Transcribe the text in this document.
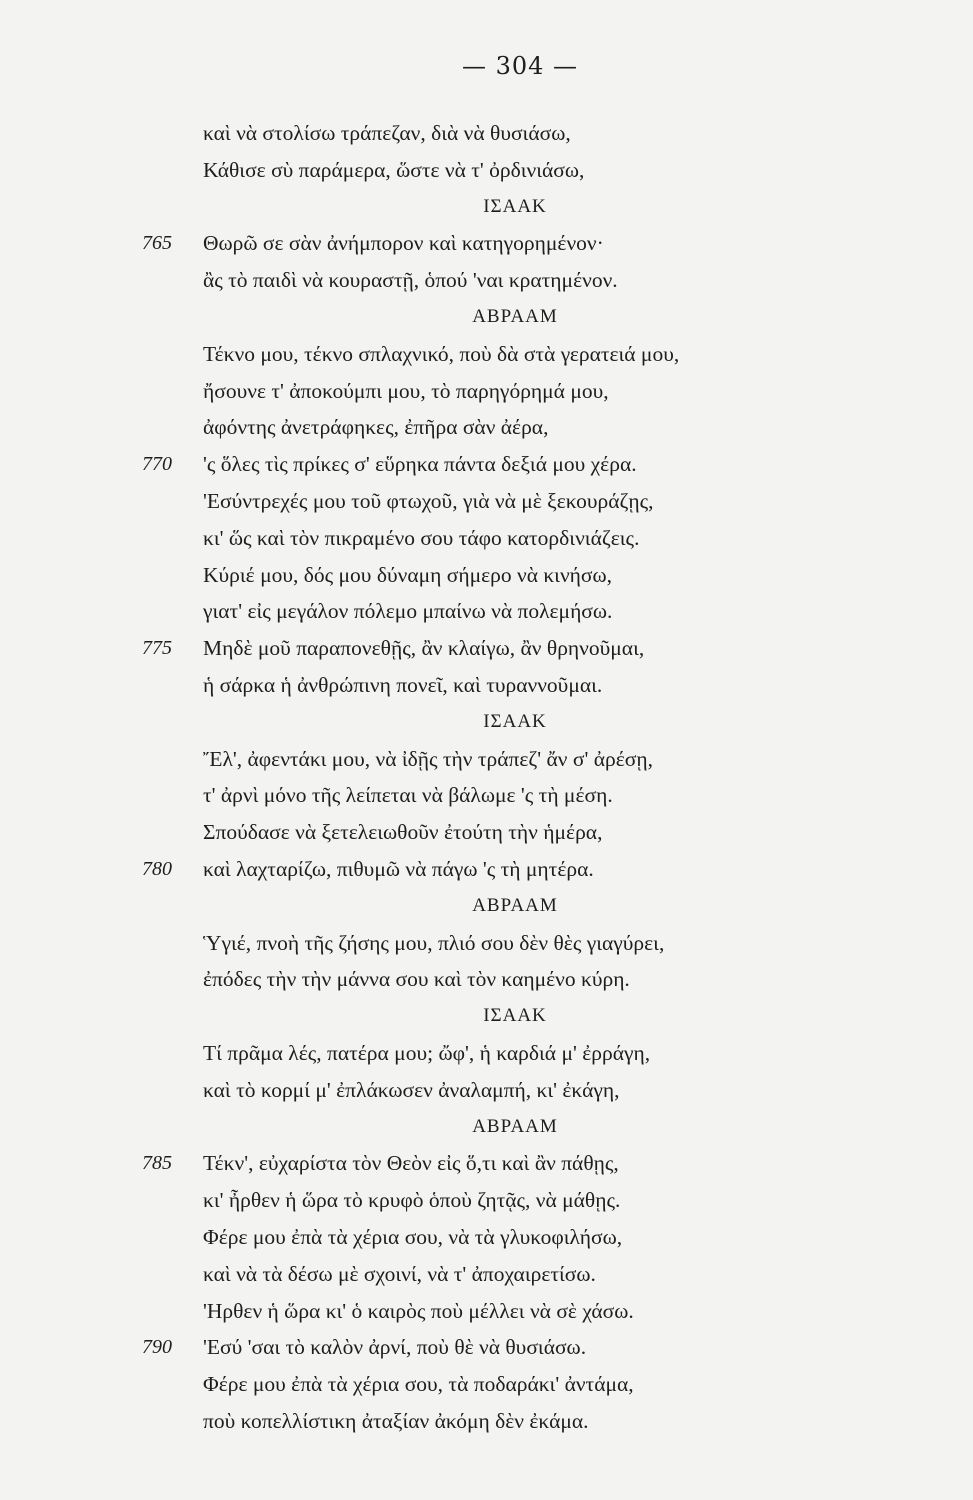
— 304 —
καὶ νὰ στολίσω τράπεζαν, διὰ νὰ θυσιάσω,
Κάθισε σὺ παράμερα, ὥστε νὰ τ' ὀρδινιάσω,
ΙΣΑΑΚ
765	Θωρῶ σε σὰν ἀνήμπορον καὶ κατηγορημένον·
ἂς τὸ παιδὶ νὰ κουραστῇ, ὁπού 'ναι κρατημένον.
ΑΒΡΑΑΜ
Τέκνο μου, τέκνο σπλαχνικό, ποὺ δὰ στὰ γερατειά μου,
ἤσουνε τ' ἀποκούμπι μου, τὸ παρηγόρημά μου,
ἀφόντης ἀνετράφηκες, ἐπῆρα σὰν ἀέρα,
770	'ς ὅλες τὶς πρίκες σ' εὕρηκα πάντα δεξιά μου χέρα.
'Εσύντρεχές μου τοῦ φτωχοῦ, γιὰ νὰ μὲ ξεκουράζῃς,
κι' ὥς καὶ τὸν πικραμένο σου τάφο κατορδινιάζεις.
Κύριέ μου, δός μου δύναμη σήμερο νὰ κινήσω,
γιατ' εἰς μεγάλον πόλεμο μπαίνω νὰ πολεμήσω.
775	Μηδὲ μοῦ παραπονεθῇς, ἂν κλαίγω, ἂν θρηνοῦμαι,
ἡ σάρκα ἡ ἀνθρώπινη πονεῖ, καὶ τυραννοῦμαι.
ΙΣΑΑΚ
Ἔλ', ἀφεντάκι μου, νὰ ἰδῇς τὴν τράπεζ' ἄν σ' ἀρέσῃ,
τ' ἀρνὶ μόνο τῆς λείπεται νὰ βάλωμε 'ς τὴ μέση.
Σπούδασε νὰ ξετελειωθοῦν ἐτούτη τὴν ἡμέρα,
780	καὶ λαχταρίζω, πιθυμῶ νὰ πάγω 'ς τὴ μητέρα.
ΑΒΡΑΑΜ
Ὑγιέ, πνοὴ τῆς ζήσης μου, πλιό σου δὲν θὲς γιαγύρει,
ἐπόδες τὴν τὴν μάννα σου καὶ τὸν καημένο κύρη.
ΙΣΑΑΚ
Τί πρᾶμα λές, πατέρα μου; ὤφ', ἡ καρδιά μ' ἐρράγη,
καὶ τὸ κορμί μ' ἐπλάκωσεν ἀναλαμπή, κι' ἐκάγη,
ΑΒΡΑΑΜ
785	Τέκν', εὐχαρίστα τὸν Θεὸν εἰς ὅ,τι καὶ ἂν πάθῃς,
κι' ἦρθεν ἡ ὥρα τὸ κρυφὸ ὁποὺ ζητᾷς, νὰ μάθῃς.
Φέρε μου ἐπὰ τὰ χέρια σου, νὰ τὰ γλυκοφιλήσω,
καὶ νὰ τὰ δέσω μὲ σχοινί, νὰ τ' ἀποχαιρετίσω.
'Ηρθεν ἡ ὥρα κι' ὁ καιρὸς ποὺ μέλλει νὰ σὲ χάσω.
790	'Εσύ 'σαι τὸ καλὸν ἀρνί, ποὺ θὲ νὰ θυσιάσω.
Φέρε μου ἐπὰ τὰ χέρια σου, τὰ ποδαράκι' ἀντάμα,
ποὺ κοπελλίστικη ἀταξίαν ἀκόμη δὲν ἐκάμα.
